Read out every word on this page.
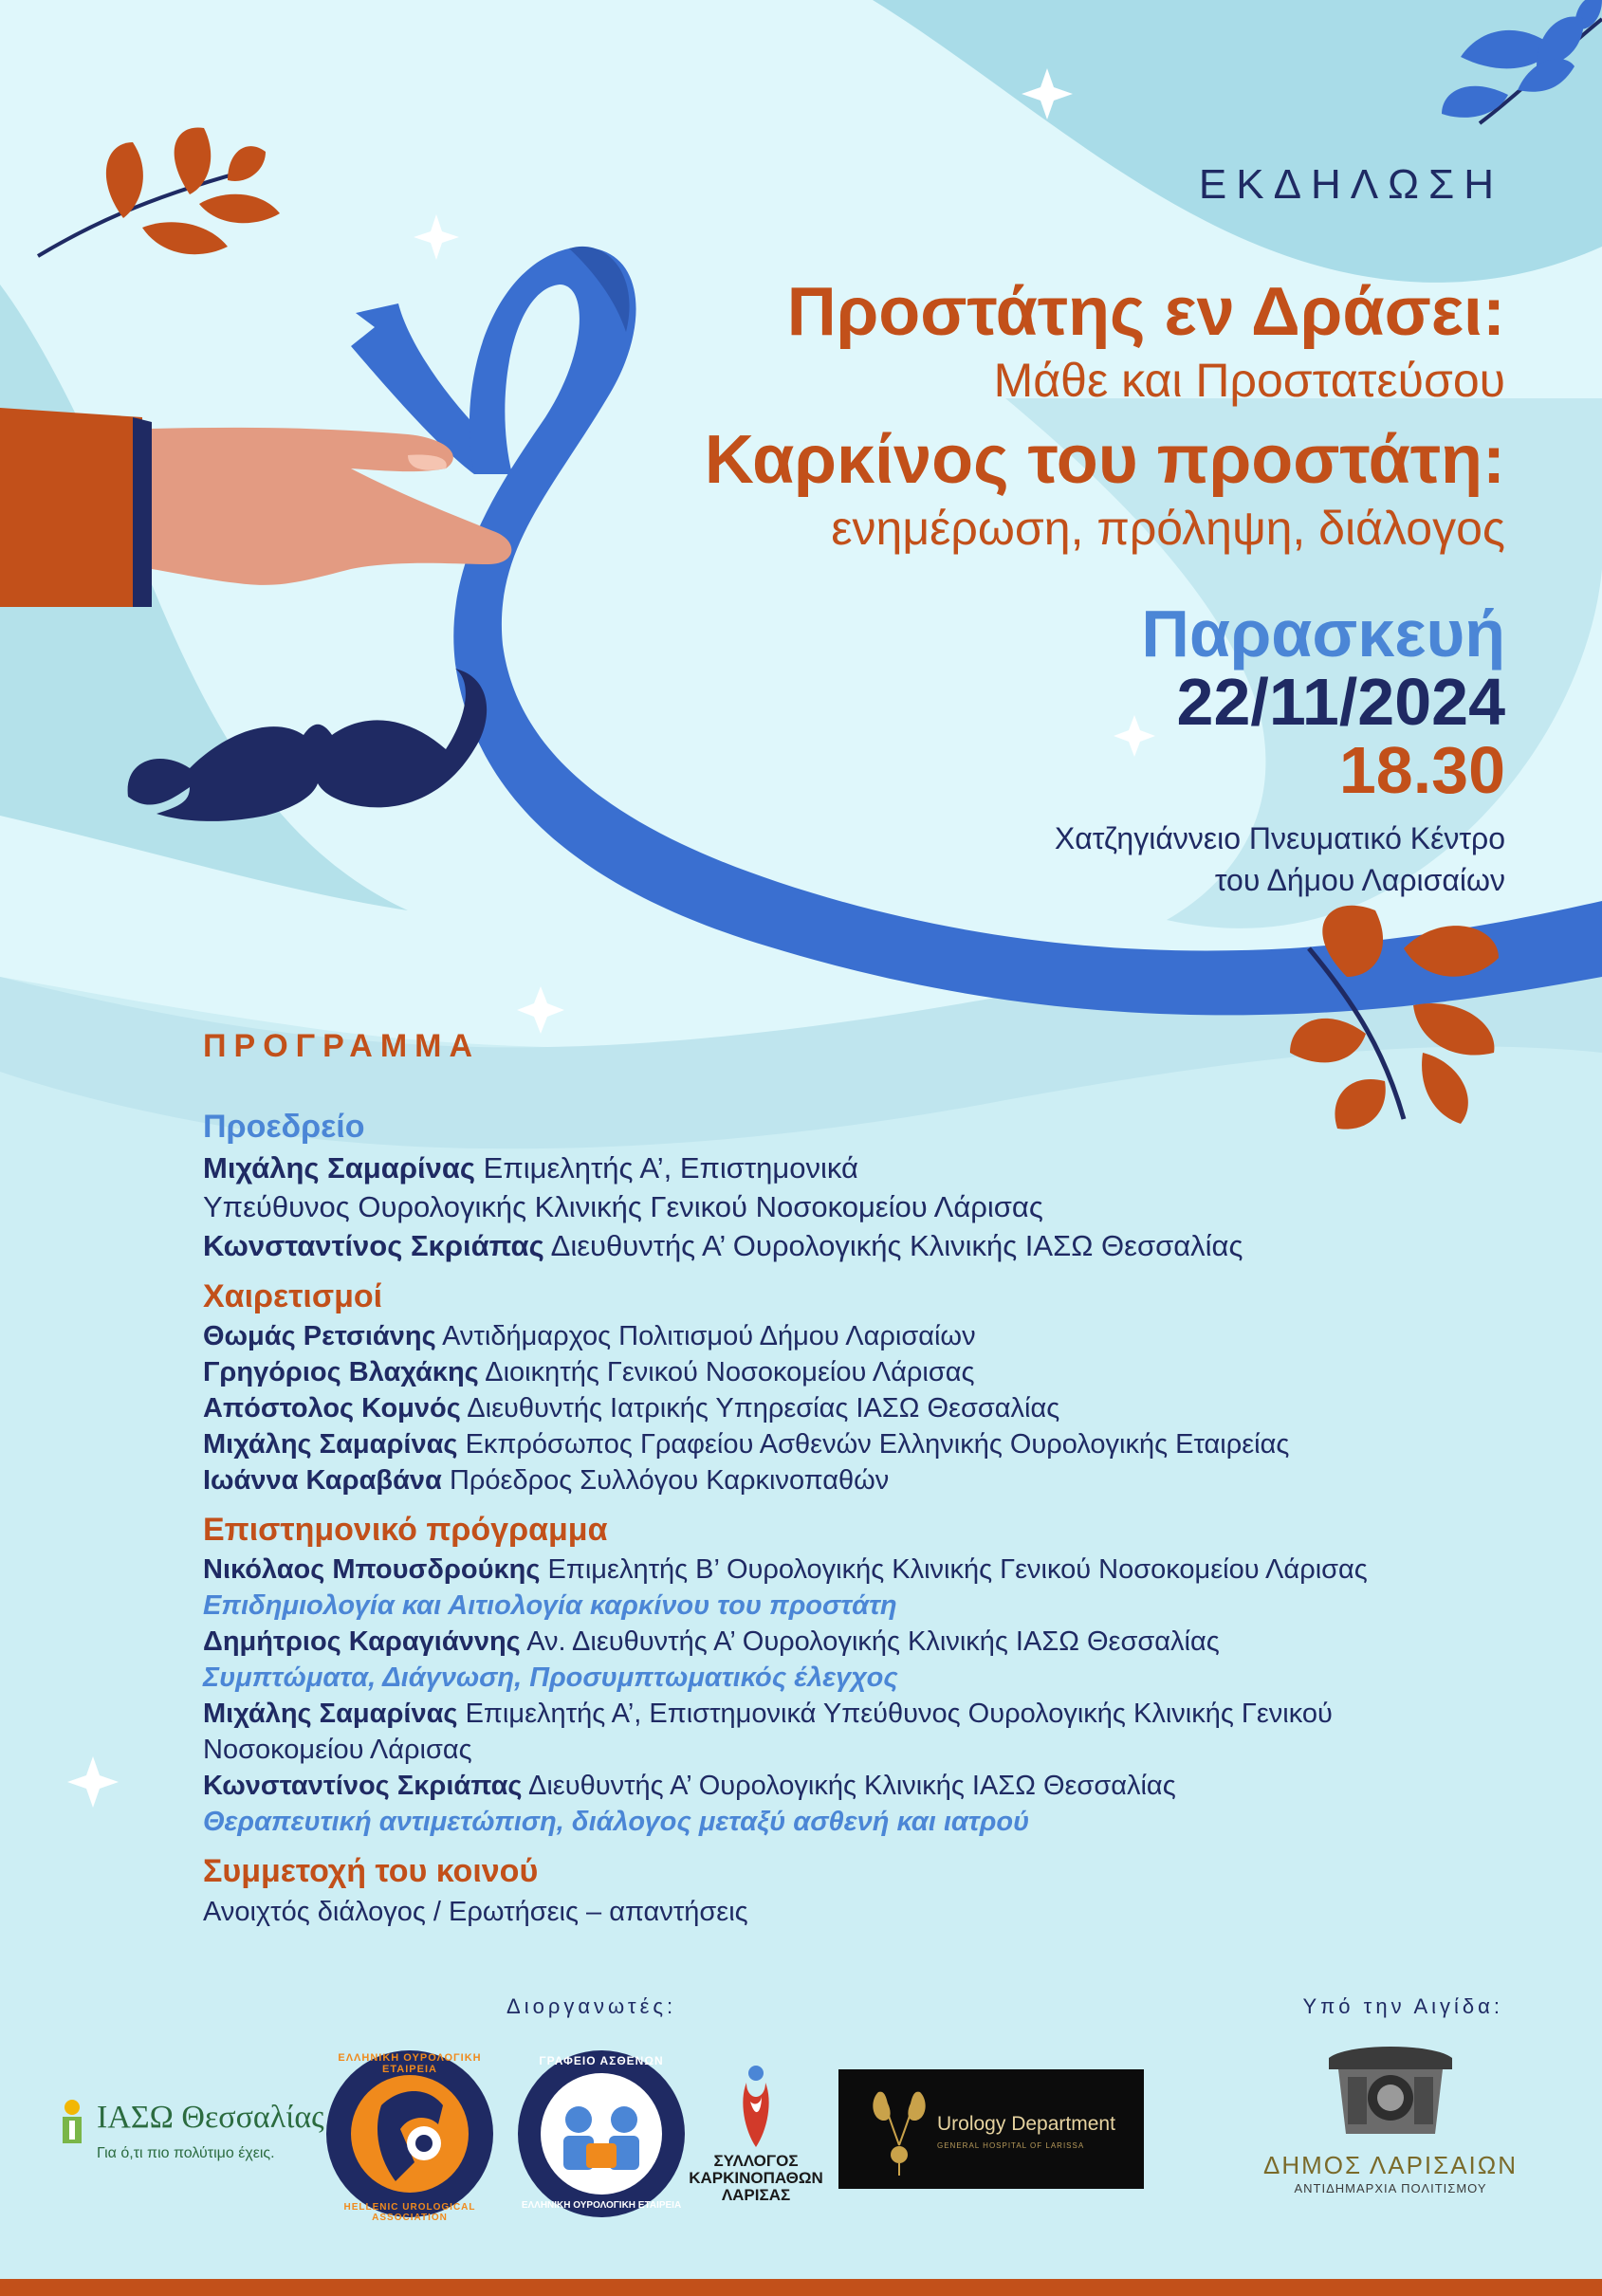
ΕΚΔΗΛΩΣΗ
Προστάτης εν Δράσει:
Μάθε και Προστατεύσου
Καρκίνος του προστάτη:
ενημέρωση, πρόληψη, διάλογος
Παρασκευή
22/11/2024
18.30
Χατζηγιάννειο Πνευματικό Κέντρο
του Δήμου Λαρισαίων
ΠΡΟΓΡΑΜΜΑ
Προεδρείο
Μιχάλης Σαμαρίνας Επιμελητής Α’, Επιστημονικά
Υπεύθυνος Ουρολογικής Κλινικής Γενικού Νοσοκομείου Λάρισας
Κωνσταντίνος Σκριάπας Διευθυντής Α’ Ουρολογικής Κλινικής ΙΑΣΩ Θεσσαλίας
Χαιρετισμοί
Θωμάς Ρετσιάνης Αντιδήμαρχος Πολιτισμού Δήμου Λαρισαίων
Γρηγόριος Βλαχάκης Διοικητής Γενικού Νοσοκομείου Λάρισας
Απόστολος Κομνός Διευθυντής Ιατρικής Υπηρεσίας ΙΑΣΩ Θεσσαλίας
Μιχάλης Σαμαρίνας Εκπρόσωπος Γραφείου Ασθενών Ελληνικής Ουρολογικής Εταιρείας
Ιωάννα Καραβάνα Πρόεδρος Συλλόγου Καρκινοπαθών
Επιστημονικό πρόγραμμα
Νικόλαος Μπουσδρούκης Επιμελητής Β’ Ουρολογικής Κλινικής Γενικού Νοσοκομείου Λάρισας
Επιδημιολογία και Αιτιολογία καρκίνου του προστάτη
Δημήτριος Καραγιάννης Αν. Διευθυντής Α’ Ουρολογικής Κλινικής ΙΑΣΩ Θεσσαλίας
Συμπτώματα, Διάγνωση, Προσυμπτωματικός έλεγχος
Μιχάλης Σαμαρίνας Επιμελητής Α’, Επιστημονικά Υπεύθυνος Ουρολογικής Κλινικής Γενικού
Νοσοκομείου Λάρισας
Κωνσταντίνος Σκριάπας Διευθυντής Α’ Ουρολογικής Κλινικής ΙΑΣΩ Θεσσαλίας
Θεραπευτική αντιμετώπιση, διάλογος μεταξύ ασθενή και ιατρού
Συμμετοχή του κοινού
Ανοιχτός διάλογος / Ερωτήσεις – απαντήσεις
Διοργανωτές:	Υπό την Αιγίδα:
ΙΑΣΩ Θεσσαλίας
Για ό,τι πιο πολύτιμο έχεις.
ΕΛΛΗΝΙΚΗ ΟΥΡΟΛΟΓΙΚΗ ΕΤΑΙΡΕΙΑ
HELLENIC UROLOGICAL ASSOCIATION
ΓΡΑΦΕΙΟ ΑΣΘΕΝΩΝ
ΕΛΛΗΝΙΚΗ ΟΥΡΟΛΟΓΙΚΗ ΕΤΑΙΡΕΙΑ
ΣΥΛΛΟΓΟΣ
ΚΑΡΚΙΝΟΠΑΘΩΝ
ΛΑΡΙΣΑΣ
Urology Department
GENERAL HOSPITAL OF LARISSA
ΔΗΜΟΣ ΛΑΡΙΣΑΙΩΝ
ΑΝΤΙΔΗΜΑΡΧΙΑ ΠΟΛΙΤΙΣΜΟΥ
